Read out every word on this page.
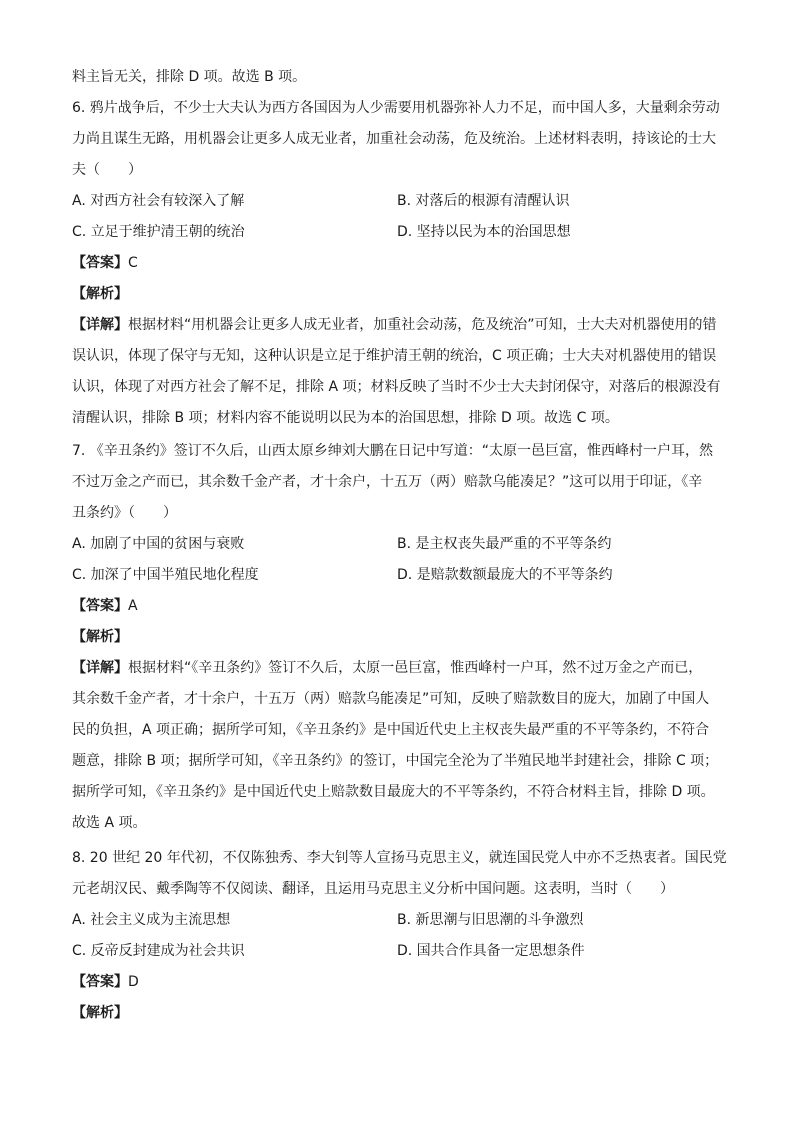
料主旨无关，排除 D 项。故选 B 项。
6. 鸦片战争后，不少士大夫认为西方各国因为人少需要用机器弥补人力不足，而中国人多，大量剩余劳动
力尚且谋生无路，用机器会让更多人成无业者，加重社会动荡，危及统治。上述材料表明，持该论的士大
夫（　　）
A. 对西方社会有较深入了解	B. 对落后的根源有清醒认识
C. 立足于维护清王朝的统治	D. 坚持以民为本的治国思想
【答案】C
【解析】
【详解】根据材料“用机器会让更多人成无业者，加重社会动荡，危及统治”可知，士大夫对机器使用的错
误认识，体现了保守与无知，这种认识是立足于维护清王朝的统治，C 项正确；士大夫对机器使用的错误
认识，体现了对西方社会了解不足，排除 A 项；材料反映了当时不少士大夫封闭保守，对落后的根源没有
清醒认识，排除 B 项；材料内容不能说明以民为本的治国思想，排除 D 项。故选 C 项。
7. 《辛丑条约》签订不久后，山西太原乡绅刘大鹏在日记中写道：“太原一邑巨富，惟西峰村一户耳，然
不过万金之产而已，其余数千金产者，才十余户，十五万（两）赔款乌能凑足？”这可以用于印证，《辛
丑条约》（　　）
A. 加剧了中国的贫困与衰败	B. 是主权丧失最严重的不平等条约
C. 加深了中国半殖民地化程度	D. 是赔款数额最庞大的不平等条约
【答案】A
【解析】
【详解】根据材料“《辛丑条约》签订不久后，太原一邑巨富，惟西峰村一户耳，然不过万金之产而已，
其余数千金产者，才十余户，十五万（两）赔款乌能凑足”可知，反映了赔款数目的庞大，加剧了中国人
民的负担，A 项正确；据所学可知，《辛丑条约》是中国近代史上主权丧失最严重的不平等条约，不符合
题意，排除 B 项；据所学可知，《辛丑条约》的签订，中国完全沦为了半殖民地半封建社会，排除 C 项；
据所学可知，《辛丑条约》是中国近代史上赔款数目最庞大的不平等条约，不符合材料主旨，排除 D 项。
故选 A 项。
8. 20 世纪 20 年代初，不仅陈独秀、李大钊等人宣扬马克思主义，就连国民党人中亦不乏热衷者。国民党
元老胡汉民、戴季陶等不仅阅读、翻译，且运用马克思主义分析中国问题。这表明，当时（　　）
A. 社会主义成为主流思想	B. 新思潮与旧思潮的斗争激烈
C. 反帝反封建成为社会共识	D. 国共合作具备一定思想条件
【答案】D
【解析】
